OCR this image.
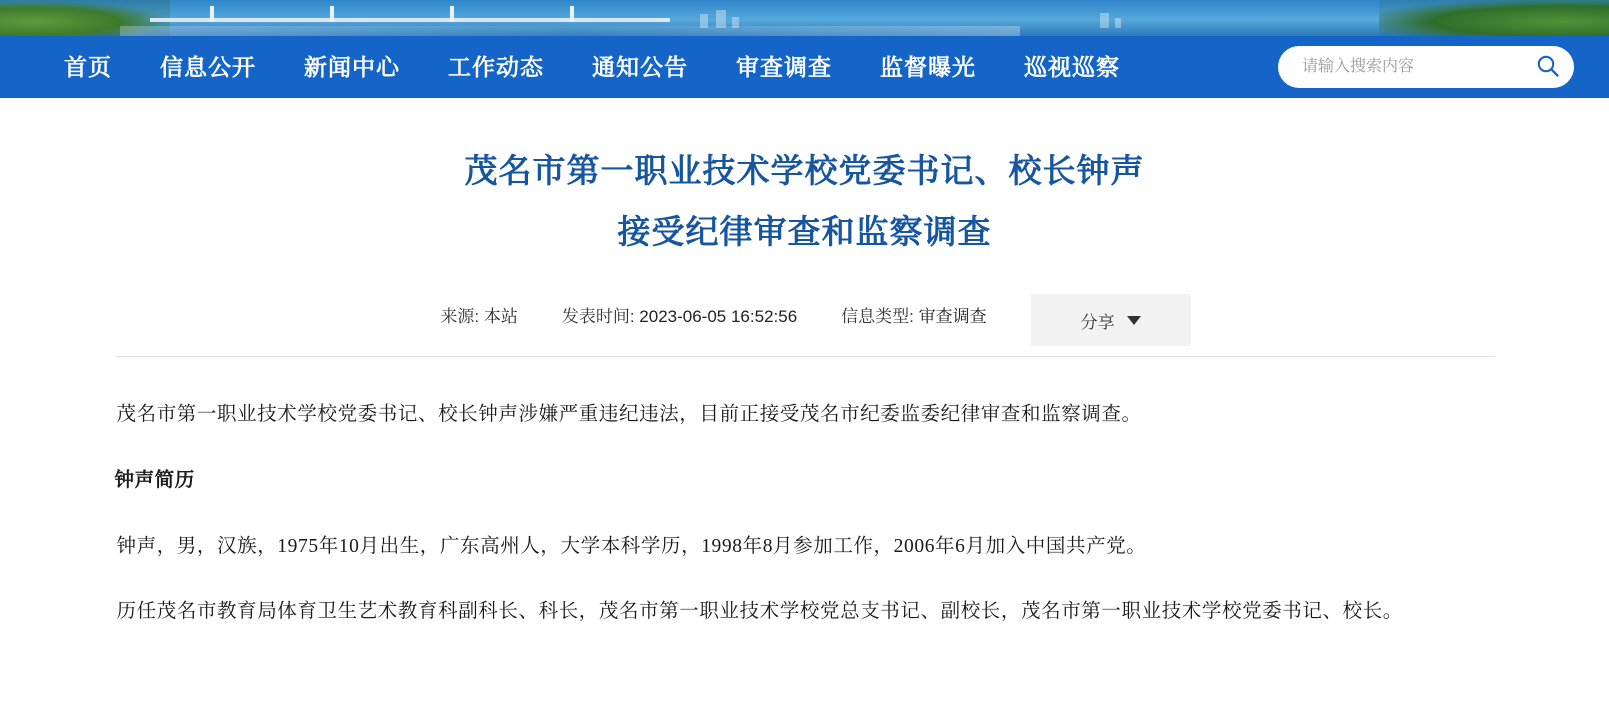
首页	信息公开	新闻中心	工作动态	通知公告	审查调查	监督曝光	巡视巡察
请输入搜索内容
茂名市第一职业技术学校党委书记、校长钟声
接受纪律审查和监察调查
来源: 本站	发表时间: 2023-06-05 16:52:56	信息类型: 审查调查	分享

茂名市第一职业技术学校党委书记、校长钟声涉嫌严重违纪违法，目前正接受茂名市纪委监委纪律审查和监察调查。

钟声简历

钟声，男，汉族，1975年10月出生，广东高州人，大学本科学历，1998年8月参加工作，2006年6月加入中国共产党。

历任茂名市教育局体育卫生艺术教育科副科长、科长，茂名市第一职业技术学校党总支书记、副校长，茂名市第一职业技术学校党委书记、校长。
